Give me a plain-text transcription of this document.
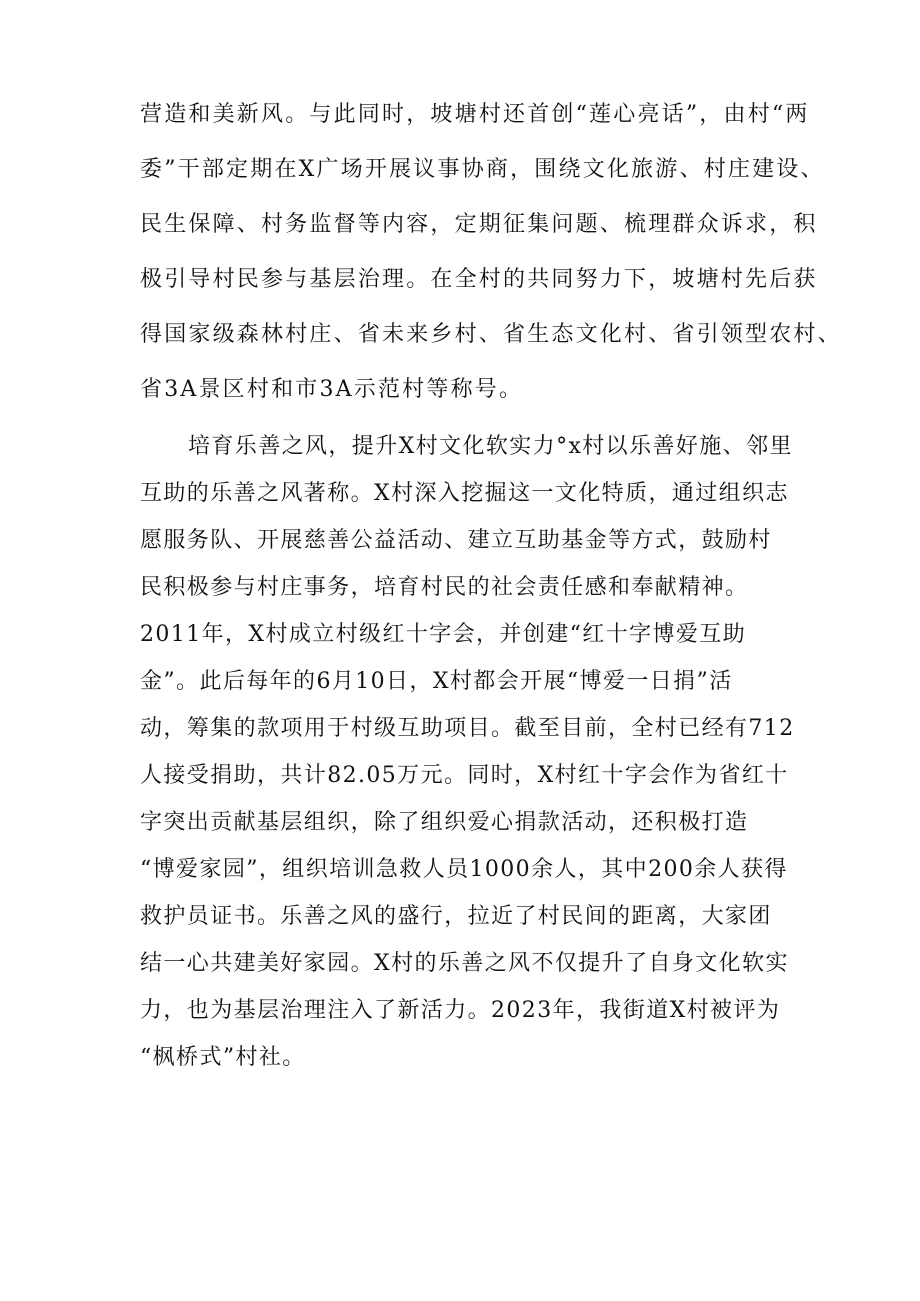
营造和美新风。与此同时，坡塘村还首创“莲心亮话”，由村“两
委”干部定期在X广场开展议事协商，围绕文化旅游、村庄建设、
民生保障、村务监督等内容，定期征集问题、梳理群众诉求，积
极引导村民参与基层治理。在全村的共同努力下，坡塘村先后获
得国家级森林村庄、省未来乡村、省生态文化村、省引领型农村、
省3A景区村和市3A示范村等称号。
培育乐善之风，提升X村文化软实力°x村以乐善好施、邻里
互助的乐善之风著称。X村深入挖掘这一文化特质，通过组织志
愿服务队、开展慈善公益活动、建立互助基金等方式，鼓励村
民积极参与村庄事务，培育村民的社会责任感和奉献精神。
2011年，X村成立村级红十字会，并创建“红十字博爱互助
金”。此后每年的6月10日，X村都会开展“博爱一日捐”活
动，筹集的款项用于村级互助项目。截至目前，全村已经有712
人接受捐助，共计82.05万元。同时，X村红十字会作为省红十
字突出贡献基层组织，除了组织爱心捐款活动，还积极打造
“博爱家园”，组织培训急救人员1000余人，其中200余人获得
救护员证书。乐善之风的盛行，拉近了村民间的距离，大家团
结一心共建美好家园。X村的乐善之风不仅提升了自身文化软实
力，也为基层治理注入了新活力。2023年，我街道X村被评为
“枫桥式”村社。
